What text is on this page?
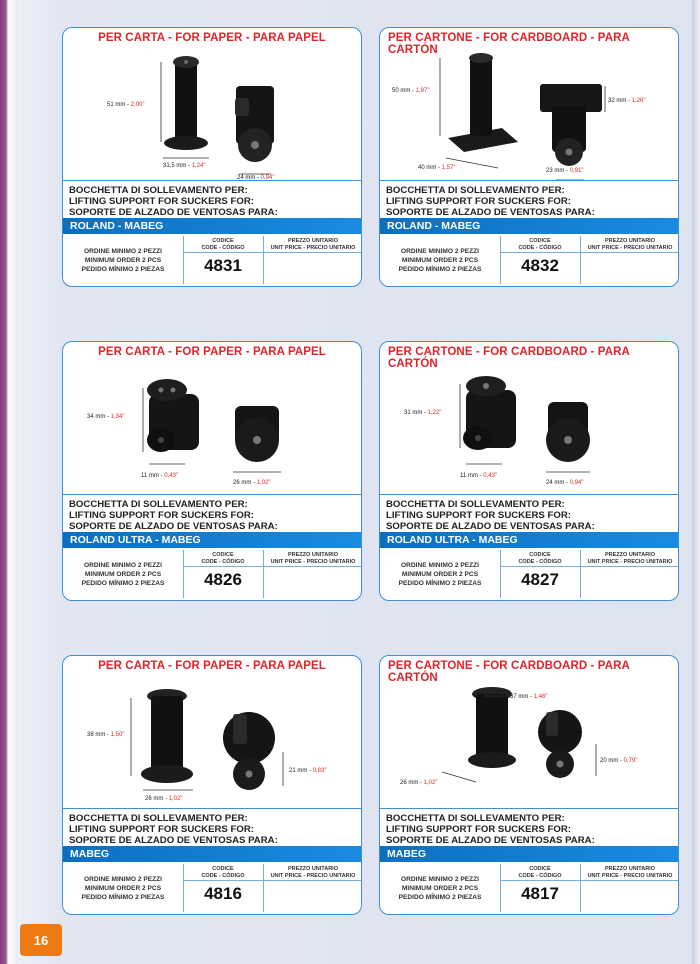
PER CARTA - FOR PAPER - PARA PAPEL
51 mm - 2,00"
31,5 mm - 1,24"
24 mm - 0,94"
BOCCHETTA DI SOLLEVAMENTO PER:
LIFTING SUPPORT FOR SUCKERS FOR:
SOPORTE DE ALZADO DE VENTOSAS PARA:
ROLAND - MABEG
ORDINE MINIMO 2 PEZZI
MINIMUM ORDER 2 PCS
PEDIDO MÍNIMO 2 PIEZAS
CODICE
CODE - CÓDIGO
PREZZO UNITARIO
UNIT PRICE - PRECIO UNITARIO
4831
PER CARTONE - FOR CARDBOARD - PARA CARTÓN
50 mm - 1,97"
40 mm - 1,57"
32 mm - 1,26"
23 mm - 0,91"
BOCCHETTA DI SOLLEVAMENTO PER:
LIFTING SUPPORT FOR SUCKERS FOR:
SOPORTE DE ALZADO DE VENTOSAS PARA:
ROLAND - MABEG
ORDINE MINIMO 2 PEZZI
MINIMUM ORDER 2 PCS
PEDIDO MÍNIMO 2 PIEZAS
CODICE
CODE - CÓDIGO
PREZZO UNITARIO
UNIT PRICE - PRECIO UNITARIO
4832
PER CARTA - FOR PAPER - PARA PAPEL
34 mm - 1,34"
11 mm - 0,43"
26 mm - 1,02"
BOCCHETTA DI SOLLEVAMENTO PER:
LIFTING SUPPORT FOR SUCKERS FOR:
SOPORTE DE ALZADO DE VENTOSAS PARA:
ROLAND ULTRA - MABEG
ORDINE MINIMO 2 PEZZI
MINIMUM ORDER 2 PCS
PEDIDO MÍNIMO 2 PIEZAS
CODICE
CODE - CÓDIGO
PREZZO UNITARIO
UNIT PRICE - PRECIO UNITARIO
4826
PER CARTONE - FOR CARDBOARD - PARA CARTÓN
31 mm - 1,22"
11 mm - 0,43"
24 mm - 0,94"
BOCCHETTA DI SOLLEVAMENTO PER:
LIFTING SUPPORT FOR SUCKERS FOR:
SOPORTE DE ALZADO DE VENTOSAS PARA:
ROLAND ULTRA - MABEG
ORDINE MINIMO 2 PEZZI
MINIMUM ORDER 2 PCS
PEDIDO MÍNIMO 2 PIEZAS
CODICE
CODE - CÓDIGO
PREZZO UNITARIO
UNIT PRICE - PRECIO UNITARIO
4827
PER CARTA - FOR PAPER - PARA PAPEL
38 mm - 1,50"
26 mm - 1,02"
21 mm - 0,83"
BOCCHETTA DI SOLLEVAMENTO PER:
LIFTING SUPPORT FOR SUCKERS FOR:
SOPORTE DE ALZADO DE VENTOSAS PARA:
MABEG
ORDINE MINIMO 2 PEZZI
MINIMUM ORDER 2 PCS
PEDIDO MÍNIMO 2 PIEZAS
CODICE
CODE - CÓDIGO
PREZZO UNITARIO
UNIT PRICE - PRECIO UNITARIO
4816
PER CARTONE - FOR CARDBOARD - PARA CARTÓN
37 mm - 1,46"
26 mm - 1,02"
20 mm - 0,79"
BOCCHETTA DI SOLLEVAMENTO PER:
LIFTING SUPPORT FOR SUCKERS FOR:
SOPORTE DE ALZADO DE VENTOSAS PARA:
MABEG
ORDINE MINIMO 2 PEZZI
MINIMUM ORDER 2 PCS
PEDIDO MÍNIMO 2 PIEZAS
CODICE
CODE - CÓDIGO
PREZZO UNITARIO
UNIT PRICE - PRECIO UNITARIO
4817
16
